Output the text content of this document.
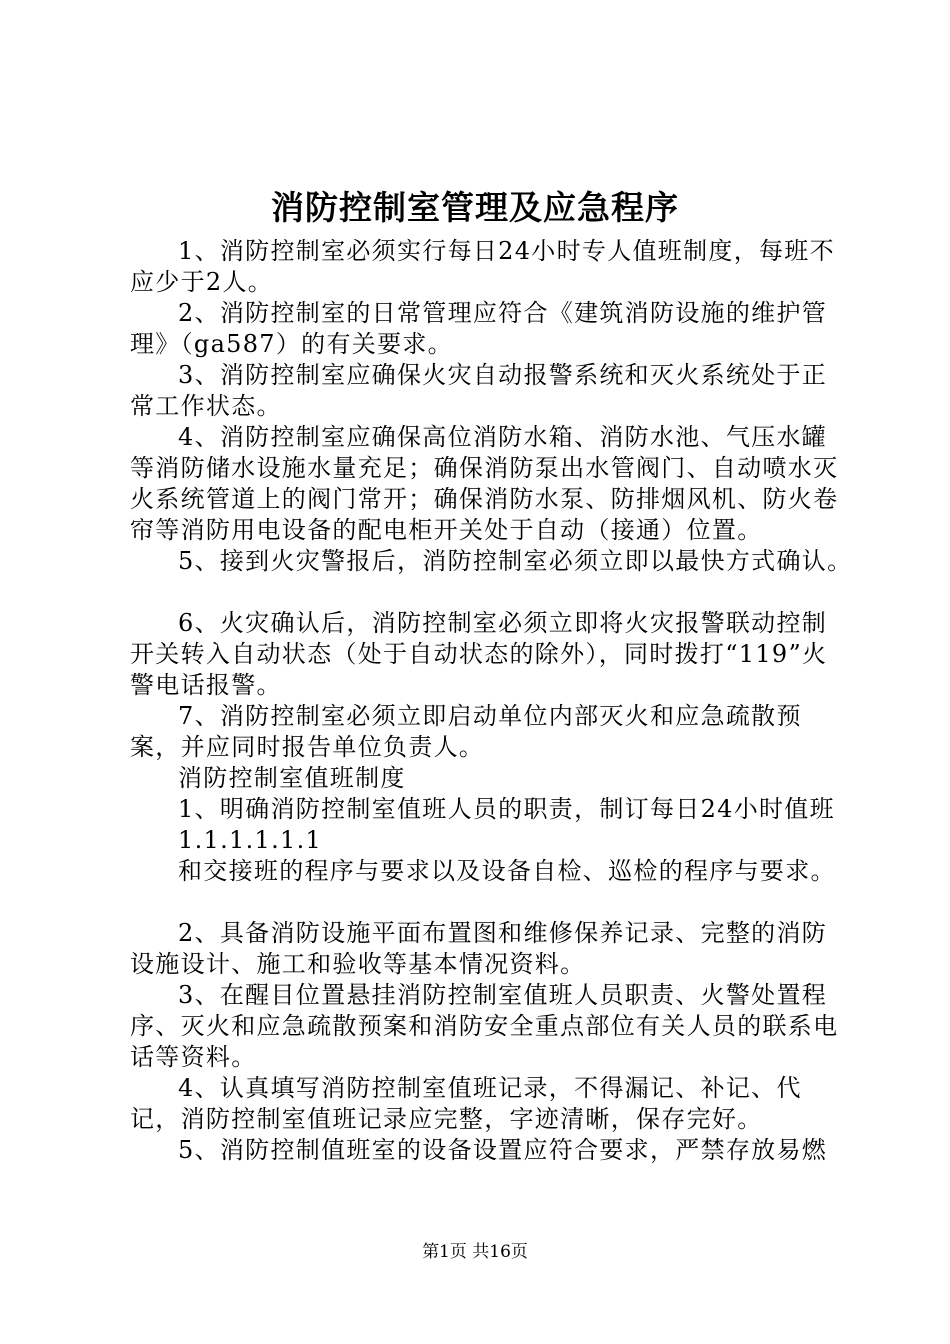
消防控制室管理及应急程序

1、消防控制室必须实行每日24小时专人值班制度，每班不应少于2人。

2、消防控制室的日常管理应符合《建筑消防设施的维护管理》（ga587）的有关要求。

3、消防控制室应确保火灾自动报警系统和灭火系统处于正常工作状态。

4、消防控制室应确保高位消防水箱、消防水池、气压水罐等消防储水设施水量充足；确保消防泵出水管阀门、自动喷水灭火系统管道上的阀门常开；确保消防水泵、防排烟风机、防火卷帘等消防用电设备的配电柜开关处于自动（接通）位置。

5、接到火灾警报后，消防控制室必须立即以最快方式确认。

6、火灾确认后，消防控制室必须立即将火灾报警联动控制开关转入自动状态（处于自动状态的除外），同时拨打“119”火警电话报警。

7、消防控制室必须立即启动单位内部灭火和应急疏散预案，并应同时报告单位负责人。

消防控制室值班制度

1、明确消防控制室值班人员的职责，制订每日24小时值班

1.1.1.1.1.1

和交接班的程序与要求以及设备自检、巡检的程序与要求。

2、具备消防设施平面布置图和维修保养记录、完整的消防设施设计、施工和验收等基本情况资料。

3、在醒目位置悬挂消防控制室值班人员职责、火警处置程序、灭火和应急疏散预案和消防安全重点部位有关人员的联系电话等资料。

4、认真填写消防控制室值班记录，不得漏记、补记、代记，消防控制室值班记录应完整，字迹清晰，保存完好。

5、消防控制值班室的设备设置应符合要求，严禁存放易燃

第1页 共16页
